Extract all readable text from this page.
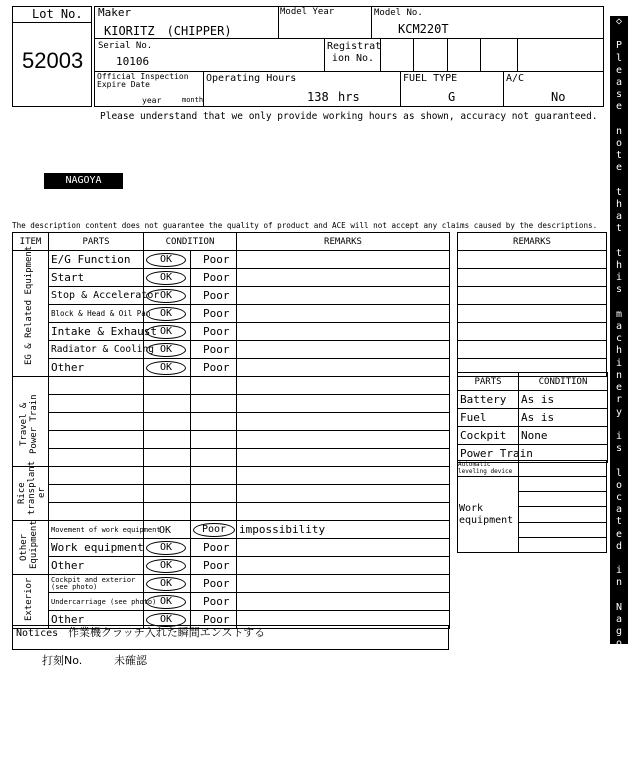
Lot No.
52003
Maker
KIORITZ　(CHIPPER)
Model Year	Model No.
KCM220T
Serial No.
10106
Registrat ion No.
Official Inspection
Expire Date
year	month
Operating Hours
138 hrs
FUEL TYPE
G
A/C
No
Please understand that we only provide working hours as shown, accuracy not guaranteed.
NAGOYA
The description content does not guarantee the quality of product and ACE will not accept any claims caused by the descriptions.
ITEM	PARTS	CONDITION		REMARKS

EG & Related Equipment	E/G Function	OK	Poor	
	Start	OK	Poor	
	Stop & Accelerator	OK	Poor	
	Block & Head & Oil Pan	OK	Poor	
	Intake & Exhaust	OK	Poor	
	Radiator & Cooling	OK	Poor	
	Other	OK	Poor	

Travel & Power Train				

Rice transplant er				

Other Equipment	Movement of work equipment	OK	Poor	impossibility
	Work equipment	OK	Poor	
	Other	OK	Poor	

Exterior	Cockpit and exterior (see photo)	OK	Poor	
	Undercarriage (see photo)	OK	Poor	
	Other	OK	Poor	
REMARKS

PARTS	CONDITION
Battery	As is
Fuel	As is
Cockpit	None
Power Train	
Automatic leveling device
Work equipment
Notices 作業機クラッチ入れた瞬間エンストする
打刻No.	未確認
◇

P
l
e
a
s
e

n
o
t
e

t
h
a
t

t
h
i
s

m
a
c
h
i
n
e
r
y

i
s

l
o
c
a
t
e
d

i
n

N
a
g
o
y
a

Y
a
r
d

◇
